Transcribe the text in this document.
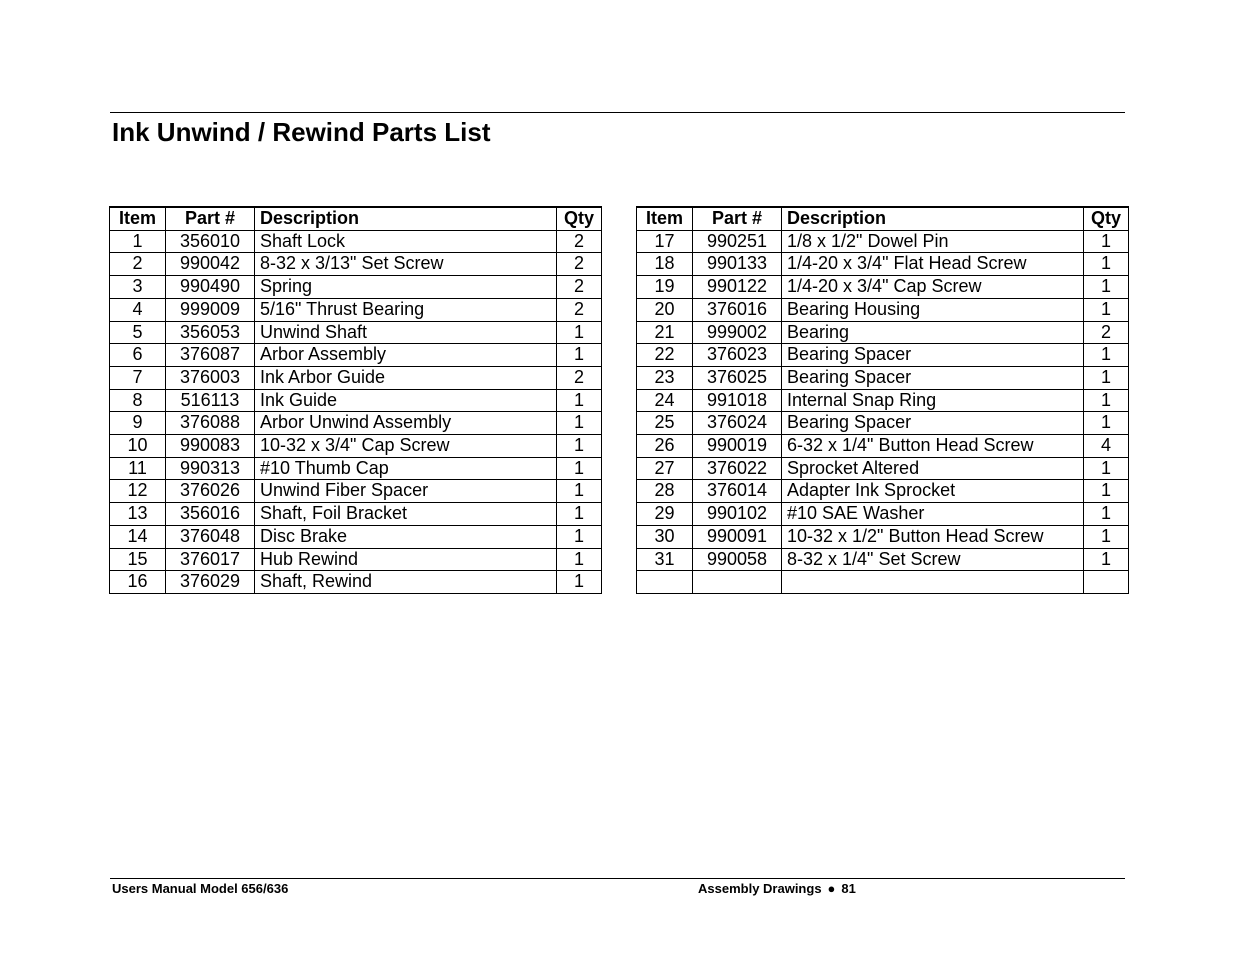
Ink Unwind / Rewind Parts List
Item	Part #	Description	Qty
1	356010	Shaft Lock	2
2	990042	8-32 x 3/13" Set Screw	2
3	990490	Spring	2
4	999009	5/16" Thrust Bearing	2
5	356053	Unwind Shaft	1
6	376087	Arbor Assembly	1
7	376003	Ink Arbor Guide	2
8	516113	Ink Guide	1
9	376088	Arbor Unwind Assembly	1
10	990083	10-32 x 3/4" Cap Screw	1
11	990313	#10 Thumb Cap	1
12	376026	Unwind Fiber Spacer	1
13	356016	Shaft, Foil Bracket	1
14	376048	Disc Brake	1
15	376017	Hub Rewind	1
16	376029	Shaft, Rewind	1
Item	Part #	Description	Qty
17	990251	1/8 x 1/2" Dowel Pin	1
18	990133	1/4-20 x 3/4" Flat Head Screw	1
19	990122	1/4-20 x 3/4" Cap Screw	1
20	376016	Bearing Housing	1
21	999002	Bearing	2
22	376023	Bearing Spacer	1
23	376025	Bearing Spacer	1
24	991018	Internal Snap Ring	1
25	376024	Bearing Spacer	1
26	990019	6-32 x 1/4" Button Head Screw	4
27	376022	Sprocket Altered	1
28	376014	Adapter Ink Sprocket	1
29	990102	#10 SAE Washer	1
30	990091	10-32 x 1/2" Button Head Screw	1
31	990058	8-32 x 1/4" Set Screw	1

Users Manual Model 656/636	Assembly Drawings ● 81
